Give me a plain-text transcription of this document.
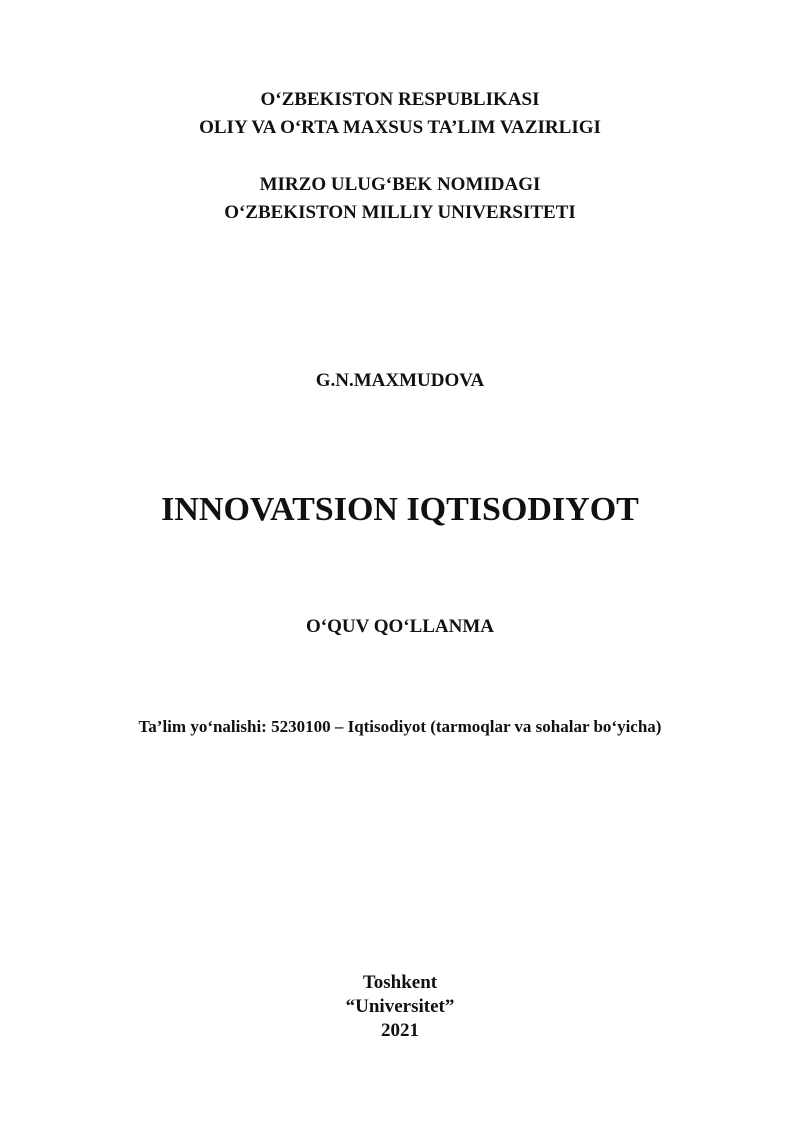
O‘ZBEKISTON RESPUBLIKASI

OLIY VA O‘RTA MAXSUS TA’LIM VAZIRLIGI

MIRZO ULUG‘BEK NOMIDAGI

O‘ZBEKISTON MILLIY UNIVERSITETI

G.N.MAXMUDOVA

INNOVATSION IQTISODIYOT

O‘QUV QO‘LLANMA

Ta’lim yo‘nalishi: 5230100 – Iqtisodiyot (tarmoqlar va sohalar bo‘yicha)

Toshkent

“Universitet”

2021
